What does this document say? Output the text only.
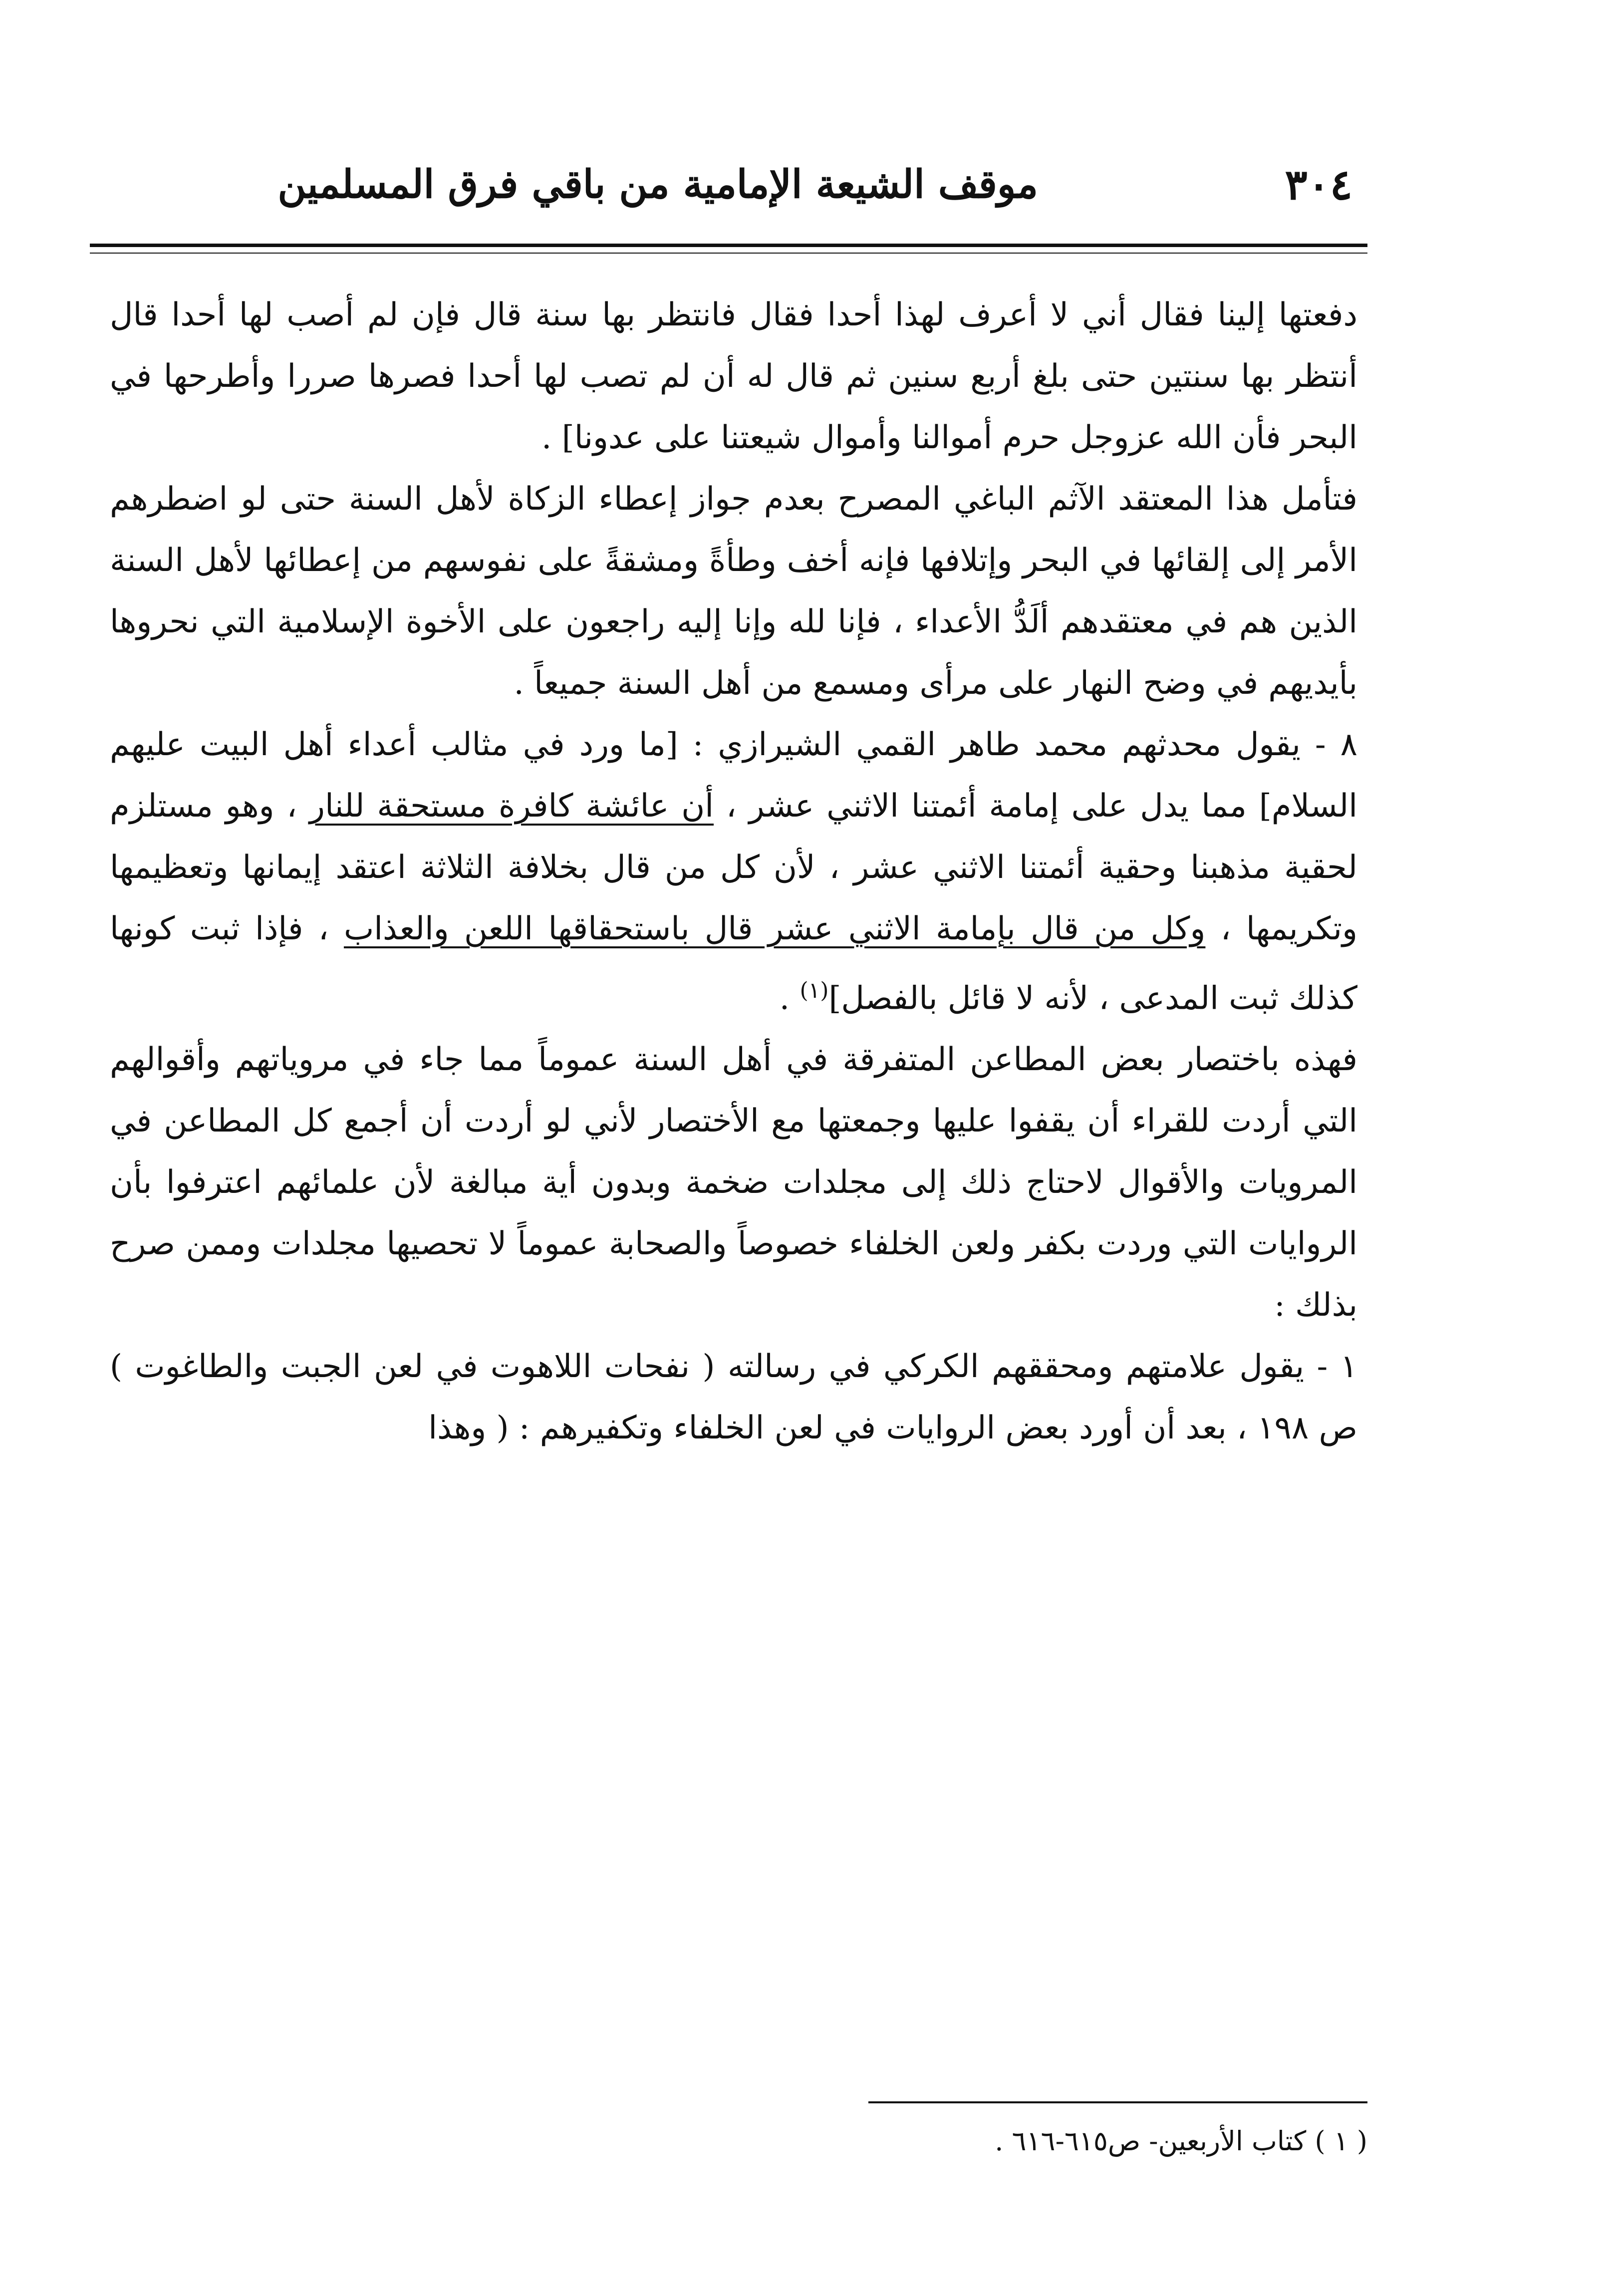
٣٠٤
موقف الشيعة الإمامية من باقي فرق المسلمين

دفعتها إلينا فقال أني لا أعرف لهذا أحدا فقال فانتظر بها سنة قال فإن لم أصب لها أحدا قال أنتظر بها سنتين حتى بلغ أربع سنين ثم قال له أن لم تصب لها أحدا فصرها صررا وأطرحها في البحر فأن الله عزوجل حرم أموالنا وأموال شيعتنا على عدونا] .

فتأمل هذا المعتقد الآثم الباغي المصرح بعدم جواز إعطاء الزكاة لأهل السنة حتى لو اضطرهم الأمر إلى إلقائها في البحر وإتلافها فإنه أخف وطأةً ومشقةً على نفوسهم من إعطائها لأهل السنة الذين هم في معتقدهم ألَدُّ الأعداء ، فإنا لله وإنا إليه راجعون على الأخوة الإسلامية التي نحروها بأيديهم في وضح النهار على مرأى ومسمع من أهل السنة جميعاً .

٨ - يقول محدثهم محمد طاهر القمي الشيرازي : [ما ورد في مثالب أعداء أهل البيت عليهم السلام] مما يدل على إمامة أئمتنا الاثني عشر ، أن عائشة كافرة مستحقة للنار ، وهو مستلزم لحقية مذهبنا وحقية أئمتنا الاثني عشر ، لأن كل من قال بخلافة الثلاثة اعتقد إيمانها وتعظيمها وتكريمها ، وكل من قال بإمامة الاثني عشر قال باستحقاقها اللعن والعذاب ، فإذا ثبت كونها كذلك ثبت المدعى ، لأنه لا قائل بالفصل]$^{(١)}$ .

فهذه باختصار بعض المطاعن المتفرقة في أهل السنة عموماً مما جاء في مروياتهم وأقوالهم التي أردت للقراء أن يقفوا عليها وجمعتها مع الأختصار لأني لو أردت أن أجمع كل المطاعن في المرويات والأقوال لاحتاج ذلك إلى مجلدات ضخمة وبدون أية مبالغة لأن علمائهم اعترفوا بأن الروايات التي وردت بكفر ولعن الخلفاء خصوصاً والصحابة عموماً لا تحصيها مجلدات وممن صرح بذلك :

١ - يقول علامتهم ومحققهم الكركي في رسالته ( نفحات اللاهوت في لعن الجبت والطاغوت ) ص ١٩٨ ، بعد أن أورد بعض الروايات في لعن الخلفاء وتكفيرهم : ( وهذا

( ١ ) كتاب الأربعين- ص٦١٥-٦١٦ .
